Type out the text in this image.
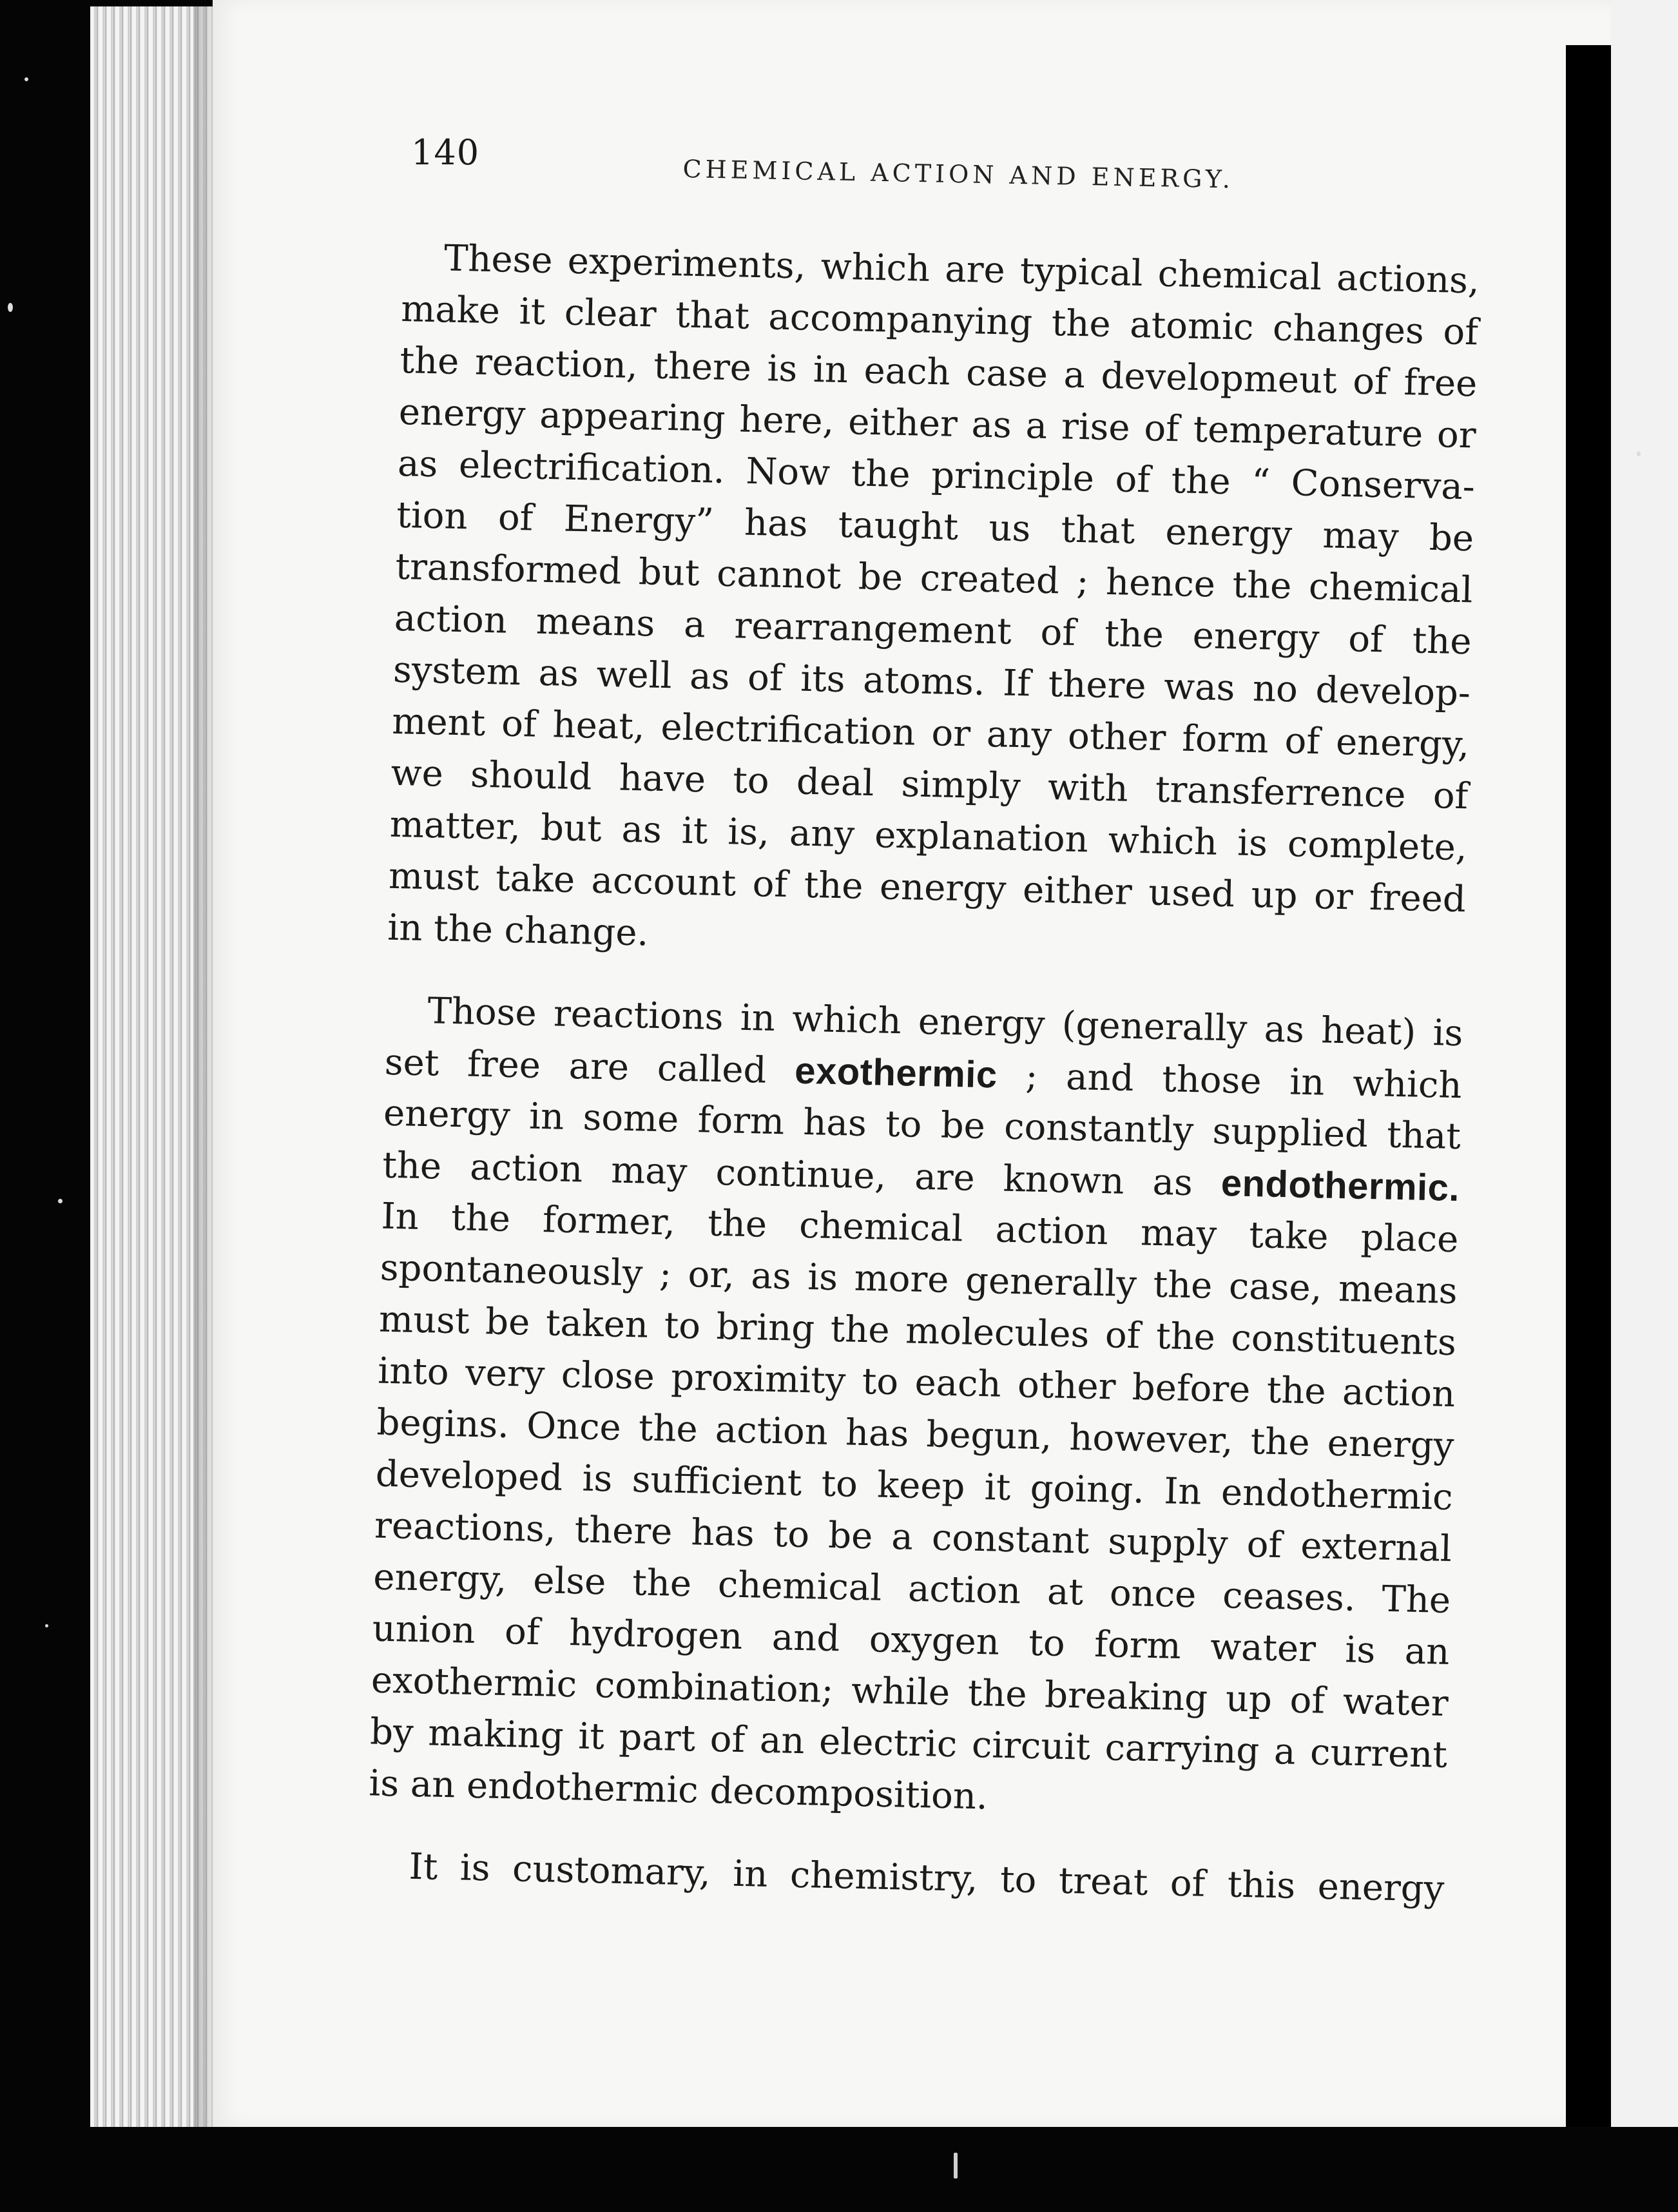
140
CHEMICAL ACTION AND ENERGY.
These experiments, which are typical chemical actions,
make it clear that accompanying the atomic changes of
the reaction, there is in each case a developmeut of free
energy appearing here, either as a rise of temperature or
as electrification. Now the principle of the “ Conserva-
tion of Energy” has taught us that energy may be
transformed but cannot be created ; hence the chemical
action means a rearrangement of the energy of the
system as well as of its atoms. If there was no develop-
ment of heat, electrification or any other form of energy,
we should have to deal simply with transferrence of
matter, but as it is, any explanation which is complete,
must take account of the energy either used up or freed
in the change.
Those reactions in which energy (generally as heat) is
set free are called exothermic ; and those in which
energy in some form has to be constantly supplied that
the action may continue, are known as endothermic.
In the former, the chemical action may take place
spontaneously ; or, as is more generally the case, means
must be taken to bring the molecules of the constituents
into very close proximity to each other before the action
begins. Once the action has begun, however, the energy
developed is sufficient to keep it going. In endothermic
reactions, there has to be a constant supply of external
energy, else the chemical action at once ceases. The
union of hydrogen and oxygen to form water is an
exothermic combination; while the breaking up of water
by making it part of an electric circuit carrying a current
is an endothermic decomposition.
It is customary, in chemistry, to treat of this energy
